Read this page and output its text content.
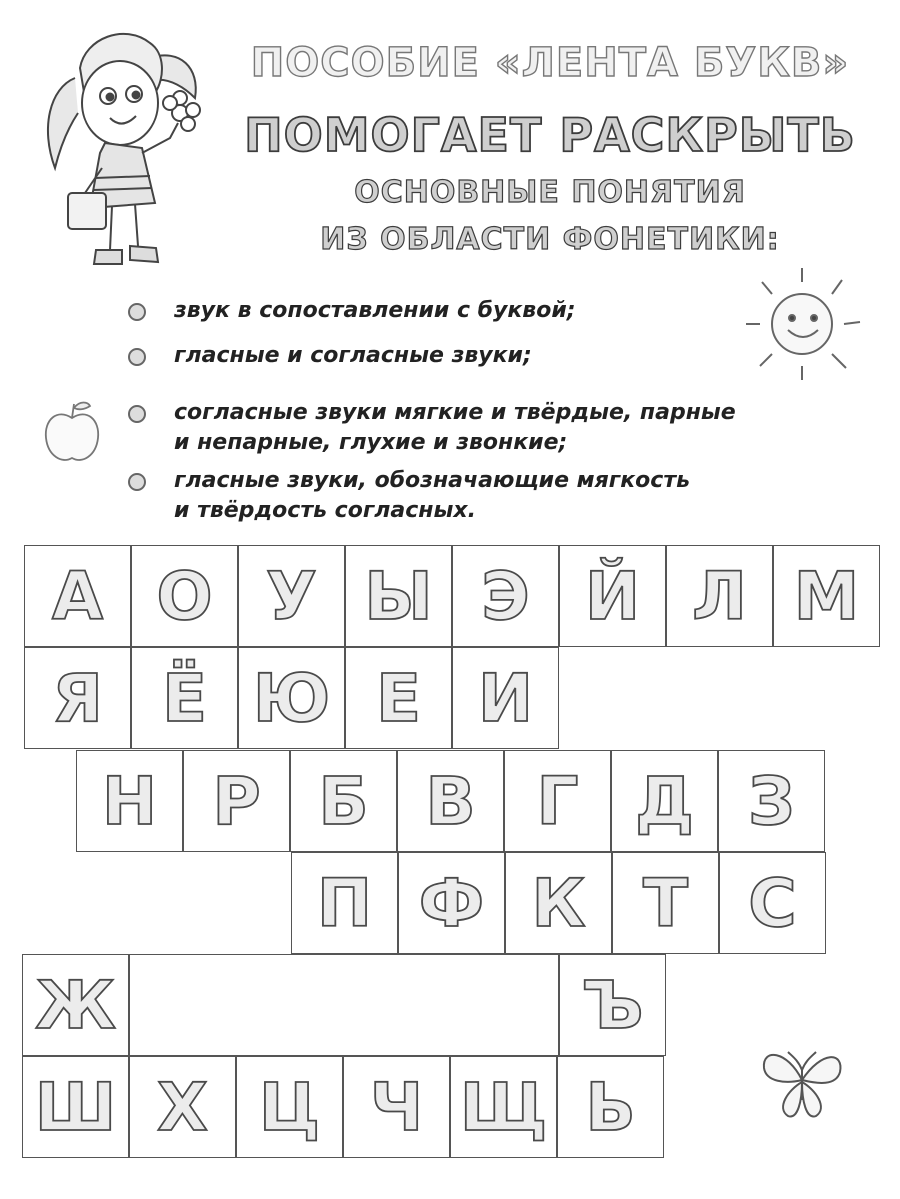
ПОСОБИЕ «ЛЕНТА БУКВ»
ПОМОГАЕТ РАСКРЫТЬ
ОСНОВНЫЕ ПОНЯТИЯ
ИЗ ОБЛАСТИ ФОНЕТИКИ:
звук в сопоставлении с буквой;
гласные и согласные звуки;
согласные звуки мягкие и твёрдые, парные
и непарные, глухие и звонкие;
гласные звуки, обозначающие мягкость
и твёрдость согласных.
А О У Ы Э Й Л М
Я Ё Ю Е И
Н Р Б В Г Д З
П Ф К Т С
Ж	Ъ
Ш Х Ц Ч Щ Ь
